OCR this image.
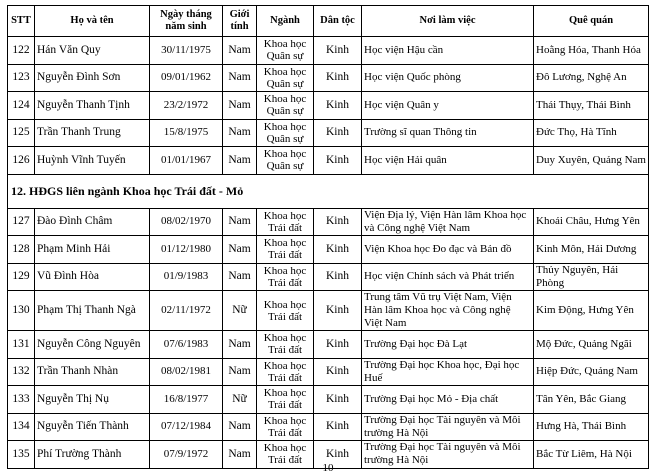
STT	Họ và tên	Ngày tháng năm sinh	Giới tính	Ngành	Dân tộc	Nơi làm việc	Quê quán
122	Hán Văn Quy	30/11/1975	Nam	Khoa học Quân sự	Kinh	Học viện Hậu cần	Hoằng Hóa, Thanh Hóa
123	Nguyễn Đình Sơn	09/01/1962	Nam	Khoa học Quân sự	Kinh	Học viện Quốc phòng	Đô Lương, Nghệ An
124	Nguyễn Thanh Tịnh	23/2/1972	Nam	Khoa học Quân sự	Kinh	Học viện Quân y	Thái Thụy, Thái Bình
125	Trần Thanh Trung	15/8/1975	Nam	Khoa học Quân sự	Kinh	Trường sĩ quan Thông tin	Đức Thọ, Hà Tĩnh
126	Huỳnh Vĩnh Tuyến	01/01/1967	Nam	Khoa học Quân sự	Kinh	Học viện Hải quân	Duy Xuyên, Quảng Nam
12. HĐGS liên ngành Khoa học Trái đất - Mỏ							
127	Đào Đình Châm	08/02/1970	Nam	Khoa học Trái đất	Kinh	Viện Địa lý, Viện Hàn lâm Khoa học và Công nghệ Việt Nam	Khoái Châu, Hưng Yên
128	Phạm Minh Hải	01/12/1980	Nam	Khoa học Trái đất	Kinh	Viện Khoa học Đo đạc và Bản đồ	Kinh Môn, Hải Dương
129	Vũ Đình Hòa	01/9/1983	Nam	Khoa học Trái đất	Kinh	Học viện Chính sách và Phát triển	Thủy Nguyên, Hải Phòng
130	Phạm Thị Thanh Ngà	02/11/1972	Nữ	Khoa học Trái đất	Kinh	Trung tâm Vũ trụ Việt Nam, Viện Hàn lâm Khoa học và Công nghệ Việt Nam	Kim Động, Hưng Yên
131	Nguyễn Công Nguyên	07/6/1983	Nam	Khoa học Trái đất	Kinh	Trường Đại học Đà Lạt	Mộ Đức, Quảng Ngãi
132	Trần Thanh Nhàn	08/02/1981	Nam	Khoa học Trái đất	Kinh	Trường Đại học Khoa học, Đại học Huế	Hiệp Đức, Quảng Nam
133	Nguyễn Thị Nụ	16/8/1977	Nữ	Khoa học Trái đất	Kinh	Trường Đại học Mỏ - Địa chất	Tân Yên, Bắc Giang
134	Nguyễn Tiến Thành	07/12/1984	Nam	Khoa học Trái đất	Kinh	Trường Đại học Tài nguyên và Môi trường Hà Nội	Hưng Hà, Thái Bình
135	Phí Trường Thành	07/9/1972	Nam	Khoa học Trái đất	Kinh	Trường Đại học Tài nguyên và Môi trường Hà Nội	Bắc Từ Liêm, Hà Nội
10
